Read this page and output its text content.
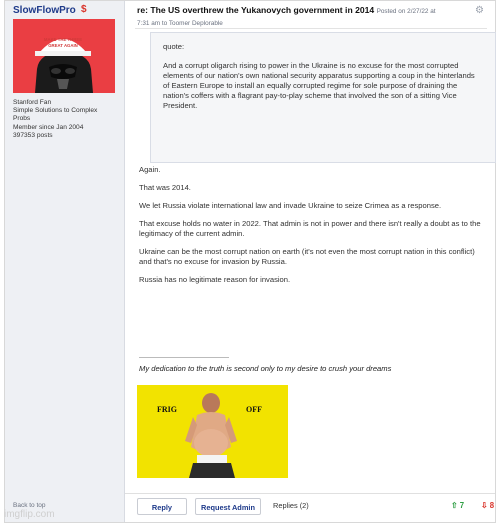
SlowFlowPro $
MAKE THE THREE
GREAT AGAIN
Stanford Fan
Simple Solutions to Complex
Probs
Member since Jan 2004
397353 posts
Back to top
re: The US overthrew the Yukanovych government in 2014 Posted on 2/27/22 at
7:31 am to Toomer Deplorable
⚙
quote:
And a corrupt oligarch rising to power in the Ukraine is no excuse for the most corrupted elements of our nation's own national security apparatus supporting a coup in the hinterlands of Eastern Europe to install an equally corrupted regime for sole purpose of draining the nation's coffers with a flagrant pay-to-play scheme that involved the son of a sitting Vice President.

Again.

That was 2014.

We let Russia violate international law and invade Ukraine to seize Crimea as a response.

That excuse holds no water in 2022. That admin is not in power and there isn't really a doubt as to the legitimacy of the current admin.

Ukraine can be the most corrupt nation on earth (it's not even the most corrupt nation in this conflict) and that's no excuse for invasion by Russia.

Russia has no legitimate reason for invasion.

My dedication to the truth is second only to my desire to crush your dreams
FRIG	OFF
Reply	Request Admin	Replies (2)	⇧ 7 ⇩ 8
imgflip.com
